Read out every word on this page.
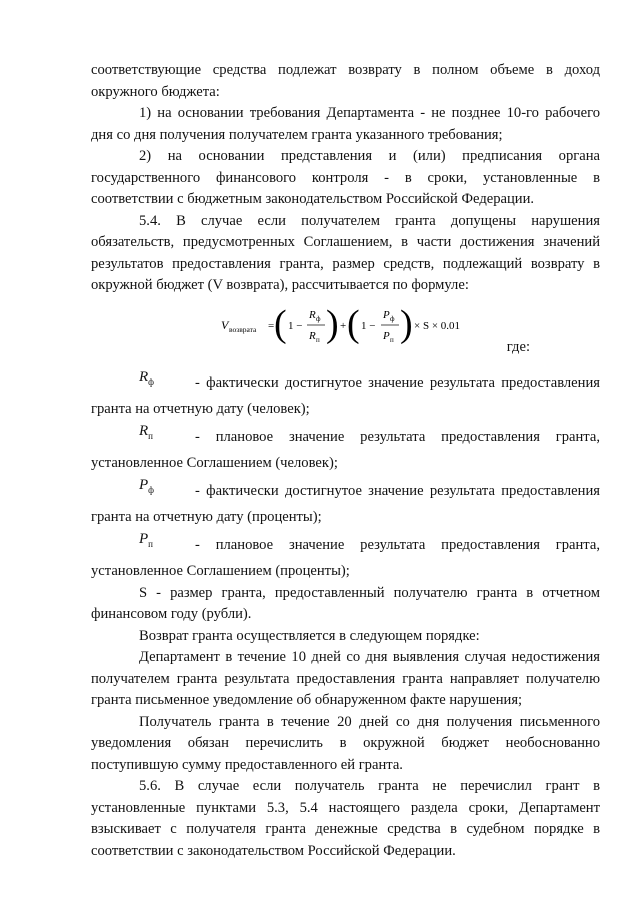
соответствующие средства подлежат возврату в полном объеме в доход окружного бюджета:

1) на основании требования Департамента - не позднее 10-го рабочего дня со дня получения получателем гранта указанного требования;

2) на основании представления и (или) предписания органа государственного финансового контроля - в сроки, установленные в соответствии с бюджетным законодательством Российской Федерации.

5.4. В случае если получателем гранта допущены нарушения обязательств, предусмотренных Соглашением, в части достижения значений результатов предоставления гранта, размер средств, подлежащий возврату в окружной бюджет (V возврата), рассчитывается по формуле:

V возврата = ( 1 −
R ф
R п ) + ( 1 −
P ф
P п ) × S × 0.01
где:

$R_ф$	- фактически достигнутое значение результата предоставления гранта на отчетную дату (человек);

$R_п$	- плановое значение результата предоставления гранта, установленное Соглашением (человек);

$P_ф$	- фактически достигнутое значение результата предоставления гранта на отчетную дату (проценты);

$P_п$	- плановое значение результата предоставления гранта, установленное Соглашением (проценты);

S - размер гранта, предоставленный получателю гранта в отчетном финансовом году (рубли).

Возврат гранта осуществляется в следующем порядке:

Департамент в течение 10 дней со дня выявления случая недостижения получателем гранта результата предоставления гранта направляет получателю гранта письменное уведомление об обнаруженном факте нарушения;

Получатель гранта в течение 20 дней со дня получения письменного уведомления обязан перечислить в окружной бюджет необоснованно поступившую сумму предоставленного ей гранта.

5.6. В случае если получатель гранта не перечислил грант в установленные пунктами 5.3, 5.4 настоящего раздела сроки, Департамент взыскивает с получателя гранта денежные средства в судебном порядке в соответствии с законодательством Российской Федерации.
